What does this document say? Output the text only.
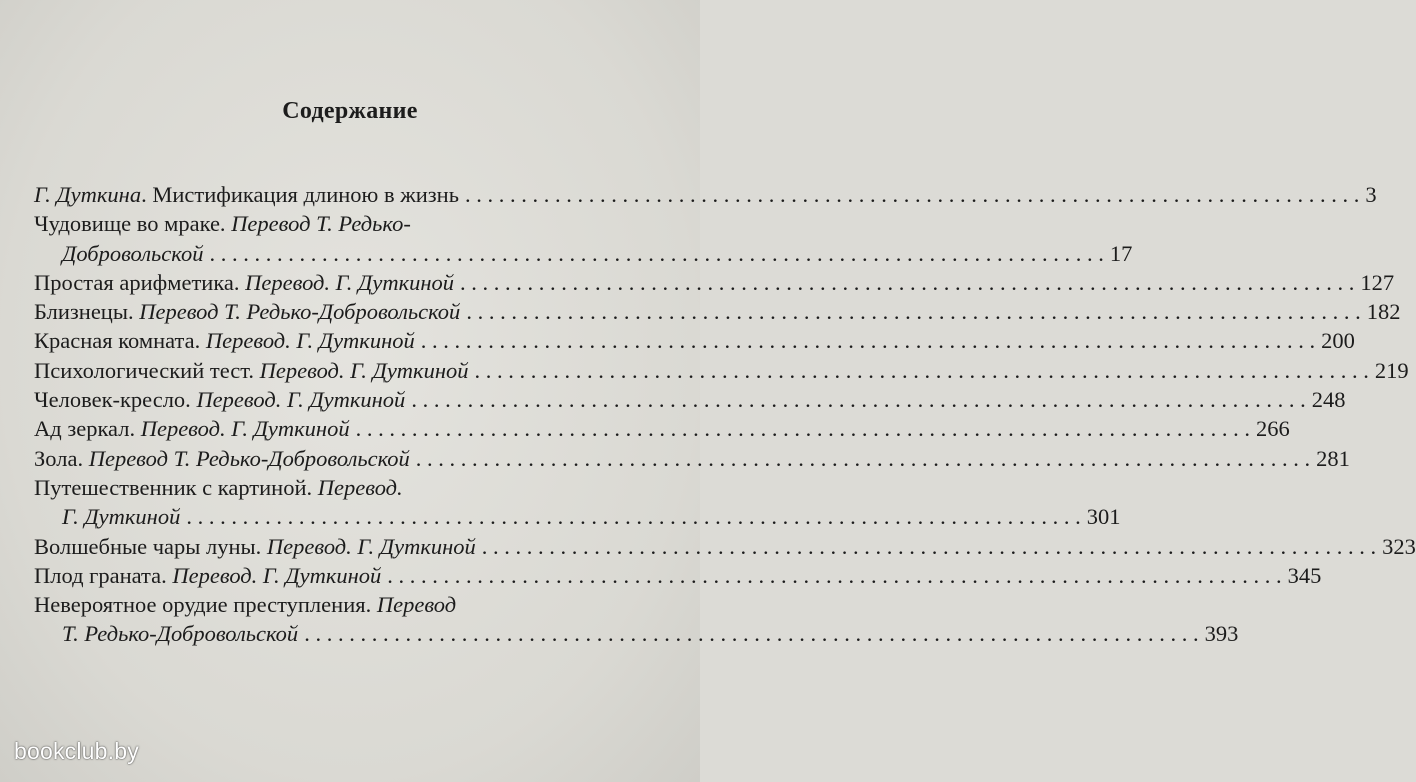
Содержание
Г. Дуткина. Мистификация длиною в жизнь . . . . . . . . . . . . . . . . . . . . . . . . . . . . . . . . . . . . . . . . . . . . . . . . . . . . . . . . . . . . . . . . . . . . . . . . . . . . . . . . 3
Чудовище во мраке. Перевод Т. Редько-
Добровольской . . . . . . . . . . . . . . . . . . . . . . . . . . . . . . . . . . . . . . . . . . . . . . . . . . . . . . . . . . . . . . . . . . . . . . . . . . . . . . . . 17
Простая арифметика. Перевод. Г. Дуткиной . . . . . . . . . . . . . . . . . . . . . . . . . . . . . . . . . . . . . . . . . . . . . . . . . . . . . . . . . . . . . . . . . . . . . . . . . . . . . . . . 127
Близнецы. Перевод Т. Редько-Добровольской . . . . . . . . . . . . . . . . . . . . . . . . . . . . . . . . . . . . . . . . . . . . . . . . . . . . . . . . . . . . . . . . . . . . . . . . . . . . . . . . 182
Красная комната. Перевод. Г. Дуткиной . . . . . . . . . . . . . . . . . . . . . . . . . . . . . . . . . . . . . . . . . . . . . . . . . . . . . . . . . . . . . . . . . . . . . . . . . . . . . . . . 200
Психологический тест. Перевод. Г. Дуткиной . . . . . . . . . . . . . . . . . . . . . . . . . . . . . . . . . . . . . . . . . . . . . . . . . . . . . . . . . . . . . . . . . . . . . . . . . . . . . . . . 219
Человек-кресло. Перевод. Г. Дуткиной . . . . . . . . . . . . . . . . . . . . . . . . . . . . . . . . . . . . . . . . . . . . . . . . . . . . . . . . . . . . . . . . . . . . . . . . . . . . . . . . 248
Ад зеркал. Перевод. Г. Дуткиной . . . . . . . . . . . . . . . . . . . . . . . . . . . . . . . . . . . . . . . . . . . . . . . . . . . . . . . . . . . . . . . . . . . . . . . . . . . . . . . . 266
Зола. Перевод Т. Редько-Добровольской . . . . . . . . . . . . . . . . . . . . . . . . . . . . . . . . . . . . . . . . . . . . . . . . . . . . . . . . . . . . . . . . . . . . . . . . . . . . . . . . 281
Путешественник с картиной. Перевод.
Г. Дуткиной . . . . . . . . . . . . . . . . . . . . . . . . . . . . . . . . . . . . . . . . . . . . . . . . . . . . . . . . . . . . . . . . . . . . . . . . . . . . . . . . 301
Волшебные чары луны. Перевод. Г. Дуткиной . . . . . . . . . . . . . . . . . . . . . . . . . . . . . . . . . . . . . . . . . . . . . . . . . . . . . . . . . . . . . . . . . . . . . . . . . . . . . . . . 323
Плод граната. Перевод. Г. Дуткиной . . . . . . . . . . . . . . . . . . . . . . . . . . . . . . . . . . . . . . . . . . . . . . . . . . . . . . . . . . . . . . . . . . . . . . . . . . . . . . . . 345
Невероятное орудие преступления. Перевод
Т. Редько-Добровольской . . . . . . . . . . . . . . . . . . . . . . . . . . . . . . . . . . . . . . . . . . . . . . . . . . . . . . . . . . . . . . . . . . . . . . . . . . . . . . . . 393
bookclub.by
